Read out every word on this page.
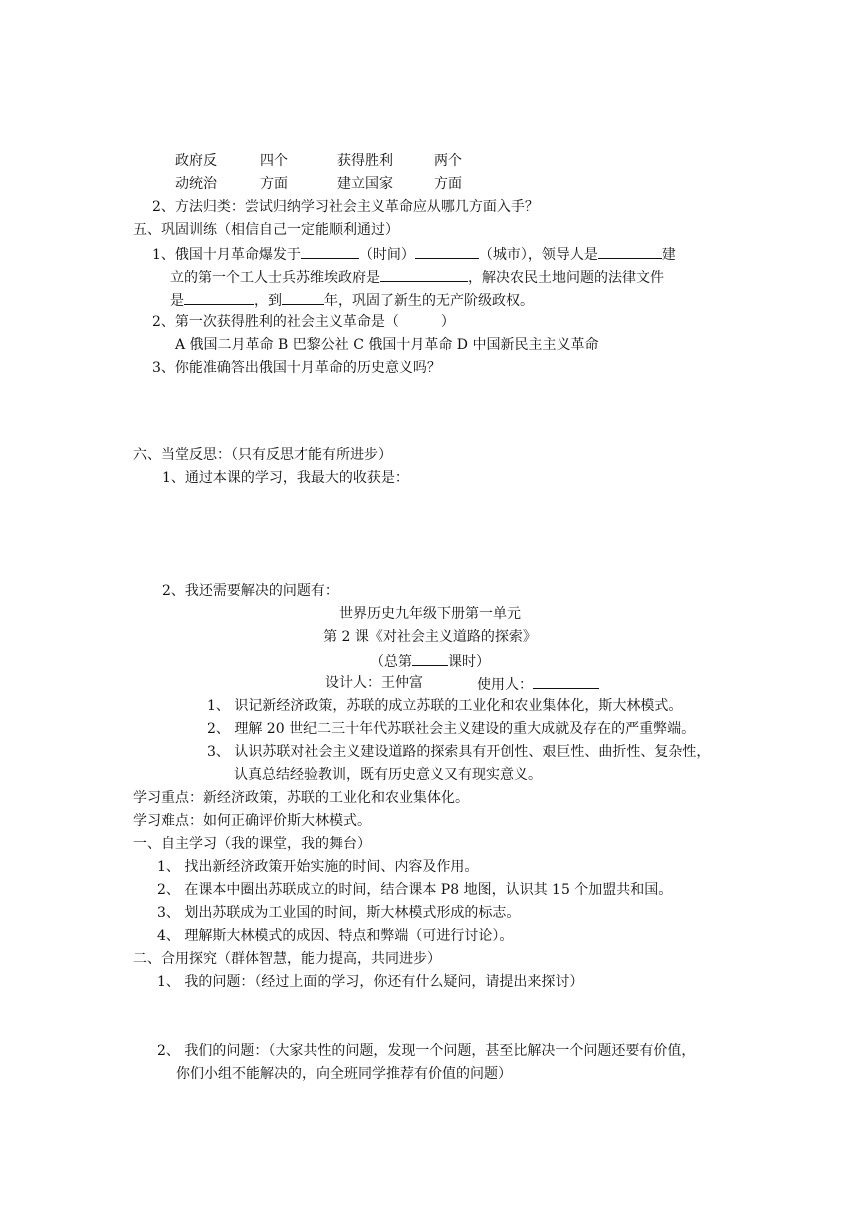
政府反	四个	获得胜利	两个
动统治	方面	建立国家	方面
2、方法归类：尝试归纳学习社会主义革命应从哪几方面入手？
五、巩固训练（相信自己一定能顺利通过）
1、俄国十月革命爆发于	（时间）	（城市），领导人是	建
立的第一个工人士兵苏维埃政府是	，解决农民土地问题的法律文件
是	，到	年，巩固了新生的无产阶级政权。
2、第一次获得胜利的社会主义革命是（　　　）
A 俄国二月革命 B 巴黎公社 C 俄国十月革命 D 中国新民主主义革命
3、你能准确答出俄国十月革命的历史意义吗？
六、当堂反思：（只有反思才能有所进步）
1、通过本课的学习，我最大的收获是：
2、我还需要解决的问题有：
世界历史九年级下册第一单元
第 2 课《对社会主义道路的探索》
（总第	课时）
设计人：王仲富	使用人：
1、 识记新经济政策，苏联的成立苏联的工业化和农业集体化，斯大林模式。
2、 理解 20 世纪二三十年代苏联社会主义建设的重大成就及存在的严重弊端。
3、 认识苏联对社会主义建设道路的探索具有开创性、艰巨性、曲折性、复杂性，
认真总结经验教训，既有历史意义又有现实意义。
学习重点：新经济政策，苏联的工业化和农业集体化。
学习难点：如何正确评价斯大林模式。
一、自主学习（我的课堂，我的舞台）
1、 找出新经济政策开始实施的时间、内容及作用。
2、 在课本中圈出苏联成立的时间，结合课本 P8 地图，认识其 15 个加盟共和国。
3、 划出苏联成为工业国的时间，斯大林模式形成的标志。
4、 理解斯大林模式的成因、特点和弊端（可进行讨论）。
二、合用探究（群体智慧，能力提高，共同进步）
1、 我的问题：（经过上面的学习，你还有什么疑问，请提出来探讨）
2、 我们的问题：（大家共性的问题，发现一个问题，甚至比解决一个问题还要有价值，
你们小组不能解决的，向全班同学推荐有价值的问题）
